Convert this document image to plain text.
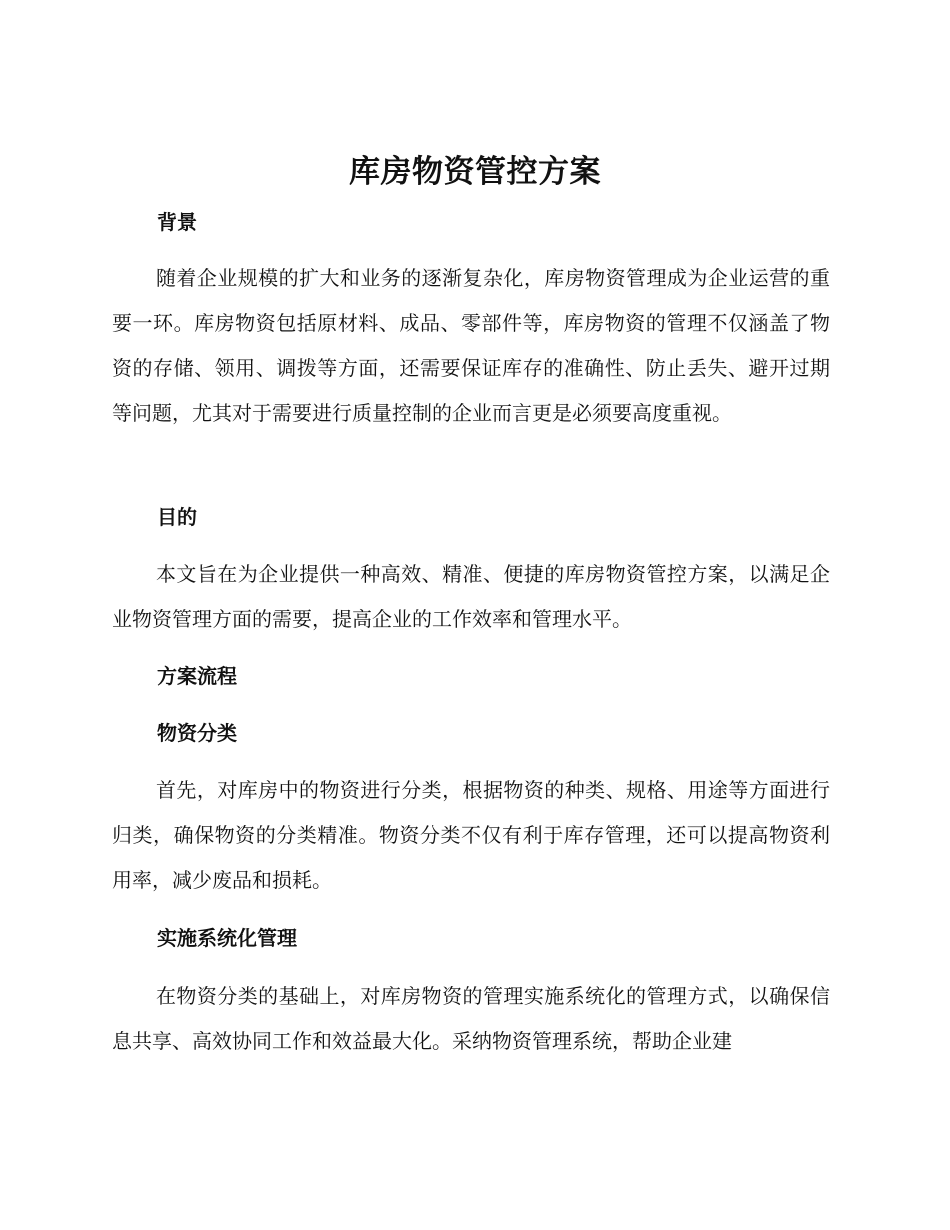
库房物资管控方案
背景

随着企业规模的扩大和业务的逐渐复杂化，库房物资管理成为企业运营的重要一环。库房物资包括原材料、成品、零部件等，库房物资的管理不仅涵盖了物资的存储、领用、调拨等方面，还需要保证库存的准确性、防止丢失、避开过期等问题，尤其对于需要进行质量控制的企业而言更是必须要高度重视。

目的

本文旨在为企业提供一种高效、精准、便捷的库房物资管控方案，以满足企业物资管理方面的需要，提高企业的工作效率和管理水平。

方案流程
物资分类

首先，对库房中的物资进行分类，根据物资的种类、规格、用途等方面进行归类，确保物资的分类精准。物资分类不仅有利于库存管理，还可以提高物资利用率，减少废品和损耗。

实施系统化管理

在物资分类的基础上，对库房物资的管理实施系统化的管理方式，以确保信息共享、高效协同工作和效益最大化。采纳物资管理系统，帮助企业建
